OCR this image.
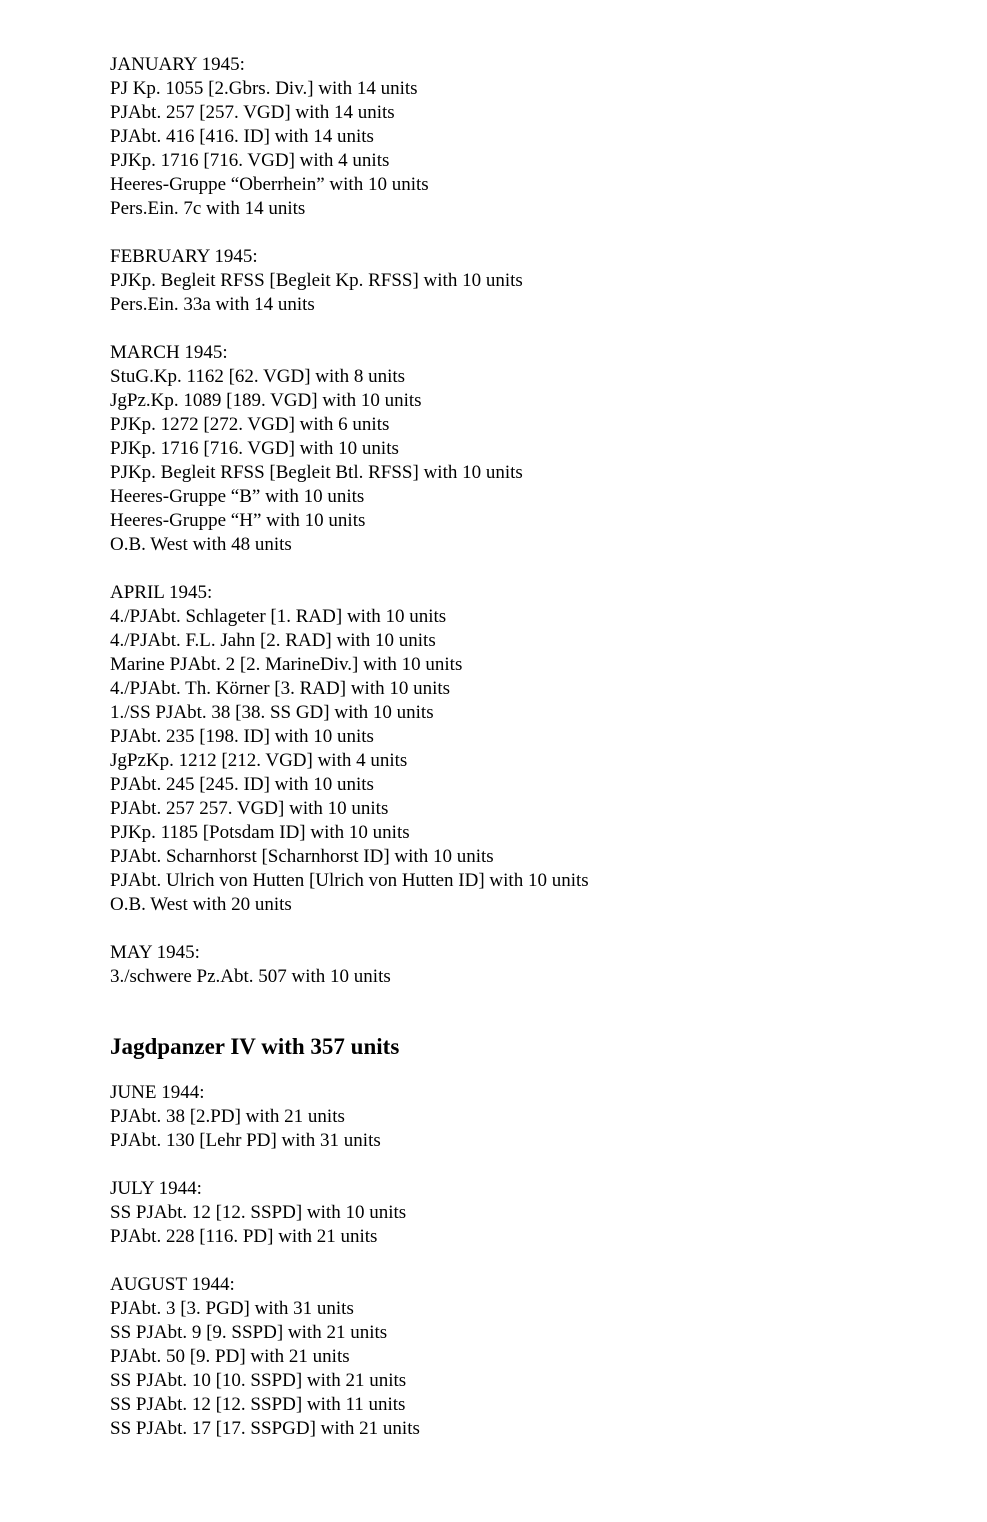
JANUARY 1945:
PJ Kp. 1055 [2.Gbrs. Div.] with 14 units
PJAbt. 257 [257. VGD] with 14 units
PJAbt. 416 [416. ID] with 14 units
PJKp. 1716 [716. VGD] with 4 units
Heeres-Gruppe “Oberrhein” with 10 units
Pers.Ein. 7c with 14 units
FEBRUARY 1945:
PJKp. Begleit RFSS [Begleit Kp. RFSS] with 10 units
Pers.Ein. 33a with 14 units
MARCH 1945:
StuG.Kp. 1162 [62. VGD] with 8 units
JgPz.Kp. 1089 [189. VGD] with 10 units
PJKp. 1272 [272. VGD] with 6 units
PJKp. 1716 [716. VGD] with 10 units
PJKp. Begleit RFSS [Begleit Btl. RFSS] with 10 units
Heeres-Gruppe “B” with 10 units
Heeres-Gruppe “H” with 10 units
O.B. West with 48 units
APRIL 1945:
4./PJAbt. Schlageter [1. RAD] with 10 units
4./PJAbt. F.L. Jahn [2. RAD] with 10 units
Marine PJAbt. 2 [2. MarineDiv.] with 10 units
4./PJAbt. Th. Körner [3. RAD] with 10 units
1./SS PJAbt. 38 [38. SS GD] with 10 units
PJAbt. 235 [198. ID] with 10 units
JgPzKp. 1212 [212. VGD] with 4 units
PJAbt. 245 [245. ID] with 10 units
PJAbt. 257 257. VGD] with 10 units
PJKp. 1185 [Potsdam ID] with 10 units
PJAbt. Scharnhorst [Scharnhorst ID] with 10 units
PJAbt. Ulrich von Hutten [Ulrich von Hutten ID] with 10 units
O.B. West with 20 units
MAY 1945:
3./schwere Pz.Abt. 507 with 10 units
Jagdpanzer IV with 357 units
JUNE 1944:
PJAbt. 38 [2.PD] with 21 units
PJAbt. 130 [Lehr PD] with 31 units
JULY 1944:
SS PJAbt. 12 [12. SSPD] with 10 units
PJAbt. 228 [116. PD] with 21 units
AUGUST 1944:
PJAbt. 3 [3. PGD] with 31 units
SS PJAbt. 9 [9. SSPD] with 21 units
PJAbt. 50 [9. PD] with 21 units
SS PJAbt. 10 [10. SSPD] with 21 units
SS PJAbt. 12 [12. SSPD] with 11 units
SS PJAbt. 17 [17. SSPGD] with 21 units
